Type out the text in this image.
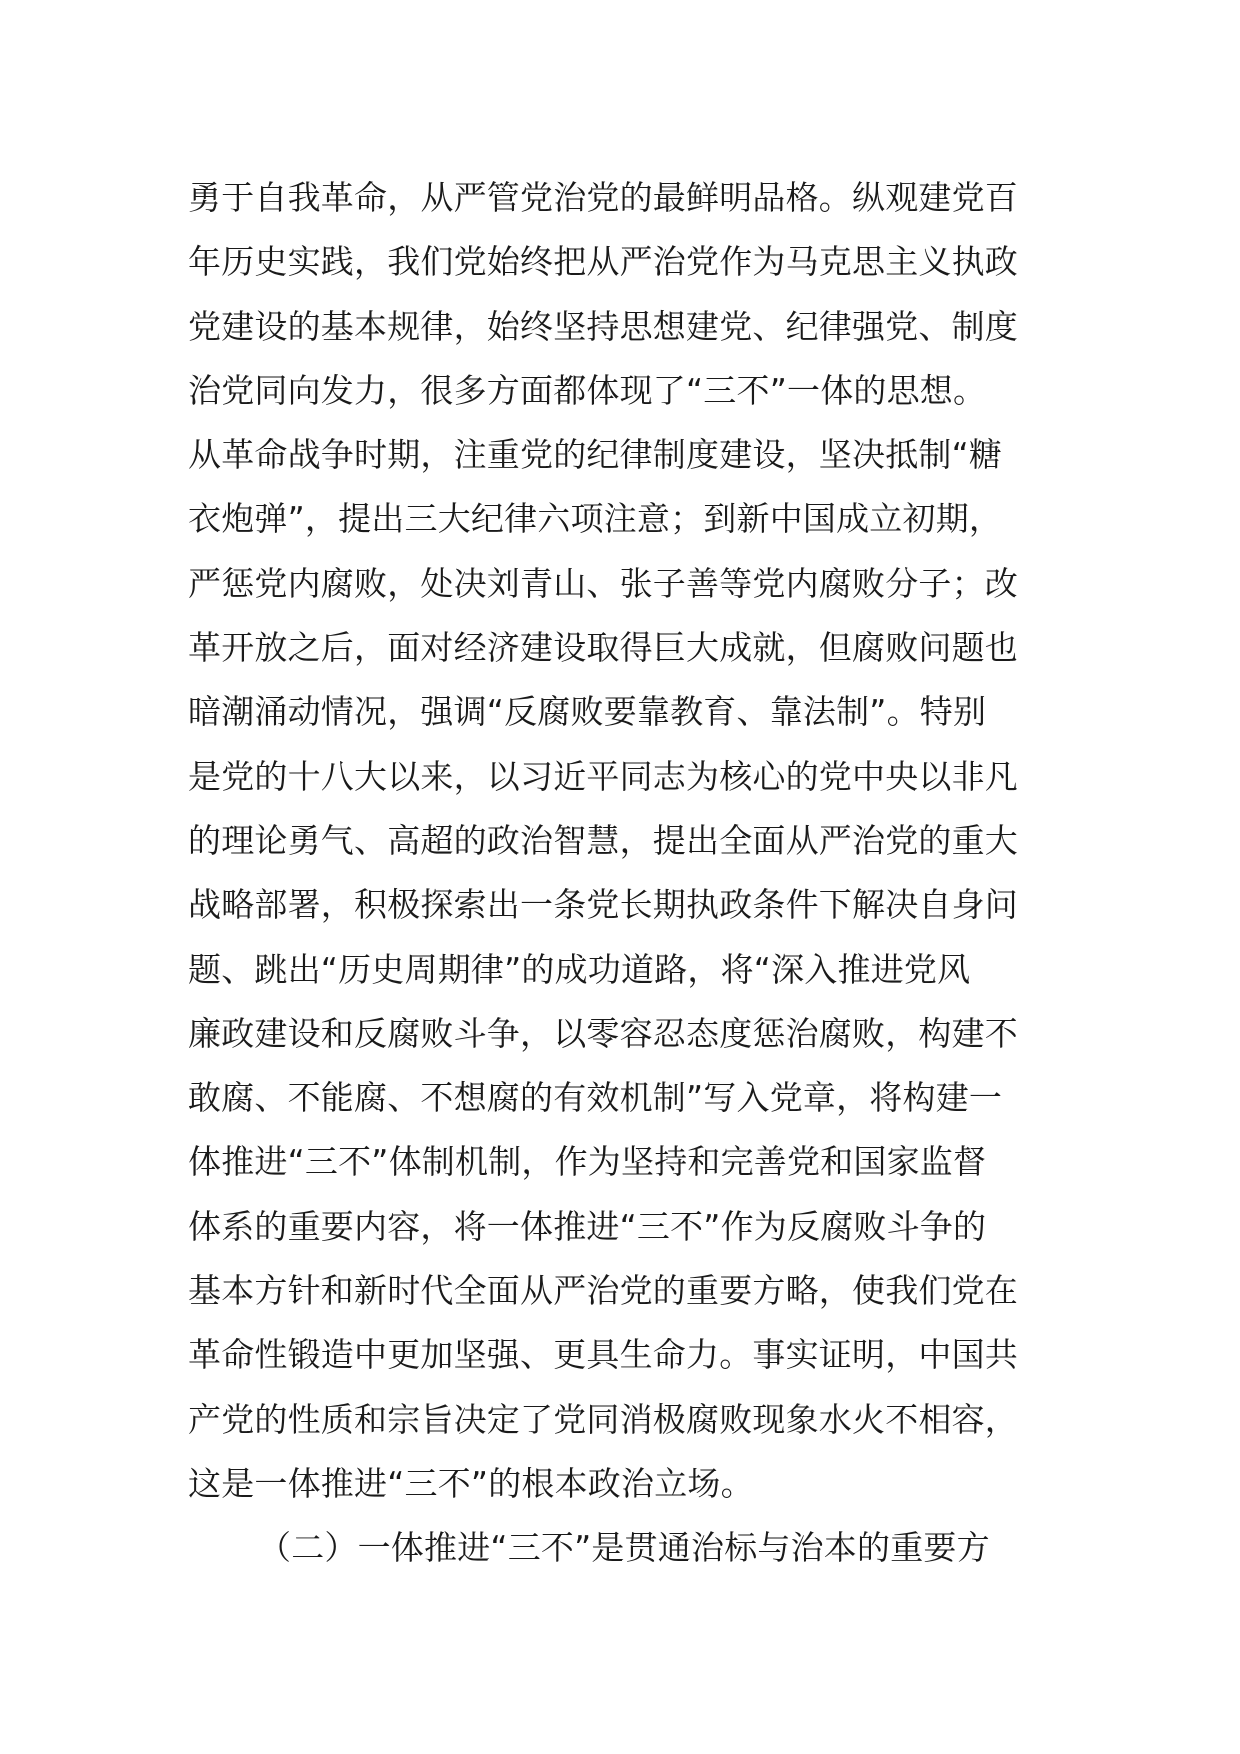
勇于自我革命，从严管党治党的最鲜明品格。纵观建党百
年历史实践，我们党始终把从严治党作为马克思主义执政
党建设的基本规律，始终坚持思想建党、纪律强党、制度
治党同向发力，很多方面都体现了“三不”一体的思想。
从革命战争时期，注重党的纪律制度建设，坚决抵制“糖
衣炮弹”，提出三大纪律六项注意；到新中国成立初期，
严惩党内腐败，处决刘青山、张子善等党内腐败分子；改
革开放之后，面对经济建设取得巨大成就，但腐败问题也
暗潮涌动情况，强调“反腐败要靠教育、靠法制”。特别
是党的十八大以来，以习近平同志为核心的党中央以非凡
的理论勇气、高超的政治智慧，提出全面从严治党的重大
战略部署，积极探索出一条党长期执政条件下解决自身问
题、跳出“历史周期律”的成功道路，将“深入推进党风
廉政建设和反腐败斗争，以零容忍态度惩治腐败，构建不
敢腐、不能腐、不想腐的有效机制”写入党章，将构建一
体推进“三不”体制机制，作为坚持和完善党和国家监督
体系的重要内容，将一体推进“三不”作为反腐败斗争的
基本方针和新时代全面从严治党的重要方略，使我们党在
革命性锻造中更加坚强、更具生命力。事实证明，中国共
产党的性质和宗旨决定了党同消极腐败现象水火不相容，
这是一体推进“三不”的根本政治立场。
（二）一体推进“三不”是贯通治标与治本的重要方
